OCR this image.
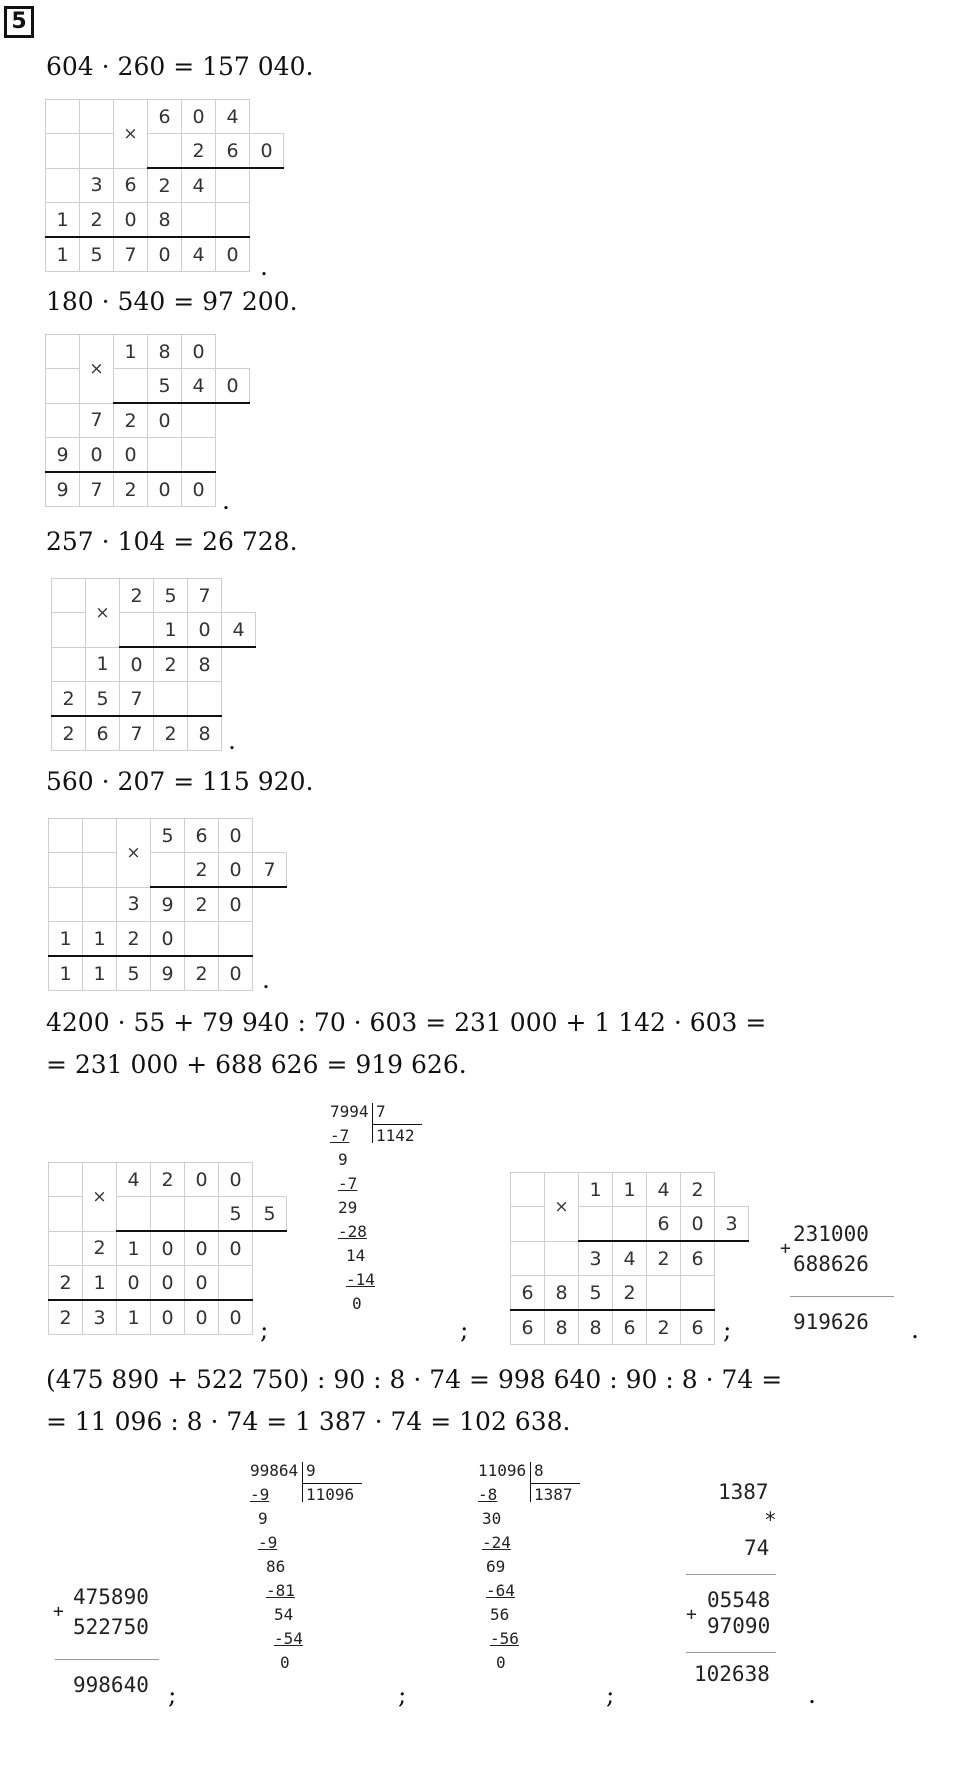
5
604 · 260 = 157 040.
		×	6	0	4	
				2	6	0
	3	6	2	4		
1	2	0	8			
1	5	7	0	4	0	.
180 · 540 = 97 200.
	×	1	8	0	
			5	4	0
	7	2	0		
9	0	0			
9	7	2	0	0	.
257 · 104 = 26 728.
	×	2	5	7	
			1	0	4
	1	0	2	8	
2	5	7			
2	6	7	2	8	.
560 · 207 = 115 920.
		×	5	6	0	
				2	0	7
		3	9	2	0	
1	1	2	0			
1	1	5	9	2	0	.
4200 · 55 + 79 940 : 70 · 603 = 231 000 + 1 142 · 603 =
= 231 000 + 688 626 = 919 626.
	×	4	2	0	0	
					5	5
	2	1	0	0	0	
2	1	0	0	0		
2	3	1	0	0	0	;
7994 7
1142
-7
9
-7
29
-28
14
-14
0
;
	×	1	1	4	2	
				6	0	3
		3	4	2	6	
6	8	5	2			
6	8	8	6	2	6	;
231000
+
688626
919626 .
(475 890 + 522 750) : 90 : 8 · 74 = 998 640 : 90 : 8 · 74 =
= 11 096 : 8 · 74 = 1 387 · 74 = 102 638.
475890
+
522750
998640 ;
99864 9
11096
-9
9
-9
86
-81
54
-54
0
;
11096 8
1387
-8
30
-24
69
-64
56
-56
0
;
1387
*
74
05548
+ 97090
102638
.
